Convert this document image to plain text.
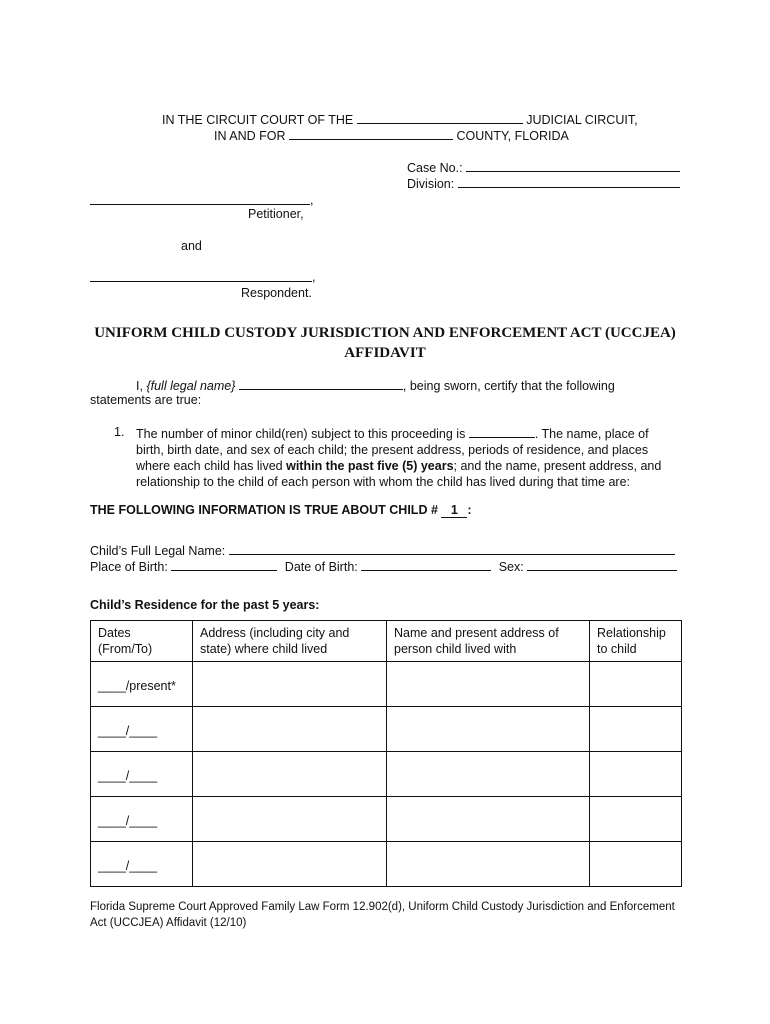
IN THE CIRCUIT COURT OF THE	JUDICIAL CIRCUIT,
IN AND FOR	COUNTY, FLORIDA
Case No.:
Division:
,
Petitioner,
and
,
Respondent.
UNIFORM CHILD CUSTODY JURISDICTION AND ENFORCEMENT ACT (UCCJEA)
AFFIDAVIT
I, {full legal name}	, being sworn, certify that the following
statements are true:
1. The number of minor child(ren) subject to this proceeding is	. The name, place of
birth, birth date, and sex of each child; the present address, periods of residence, and places
where each child has lived within the past five (5) years; and the name, present address, and
relationship to the child of each person with whom the child has lived during that time are:
THE FOLLOWING INFORMATION IS TRUE ABOUT CHILD # 1 :
Child’s Full Legal Name:
Place of Birth:	Date of Birth:	Sex:
Child’s Residence for the past 5 years:
Dates (From/To)	Address (including city and state) where child lived	Name and present address of person child lived with	Relationship to child
____/present*			
____/____			
____/____			
____/____			
____/____			
Florida Supreme Court Approved Family Law Form 12.902(d), Uniform Child Custody Jurisdiction and Enforcement
Act (UCCJEA) Affidavit (12/10)
